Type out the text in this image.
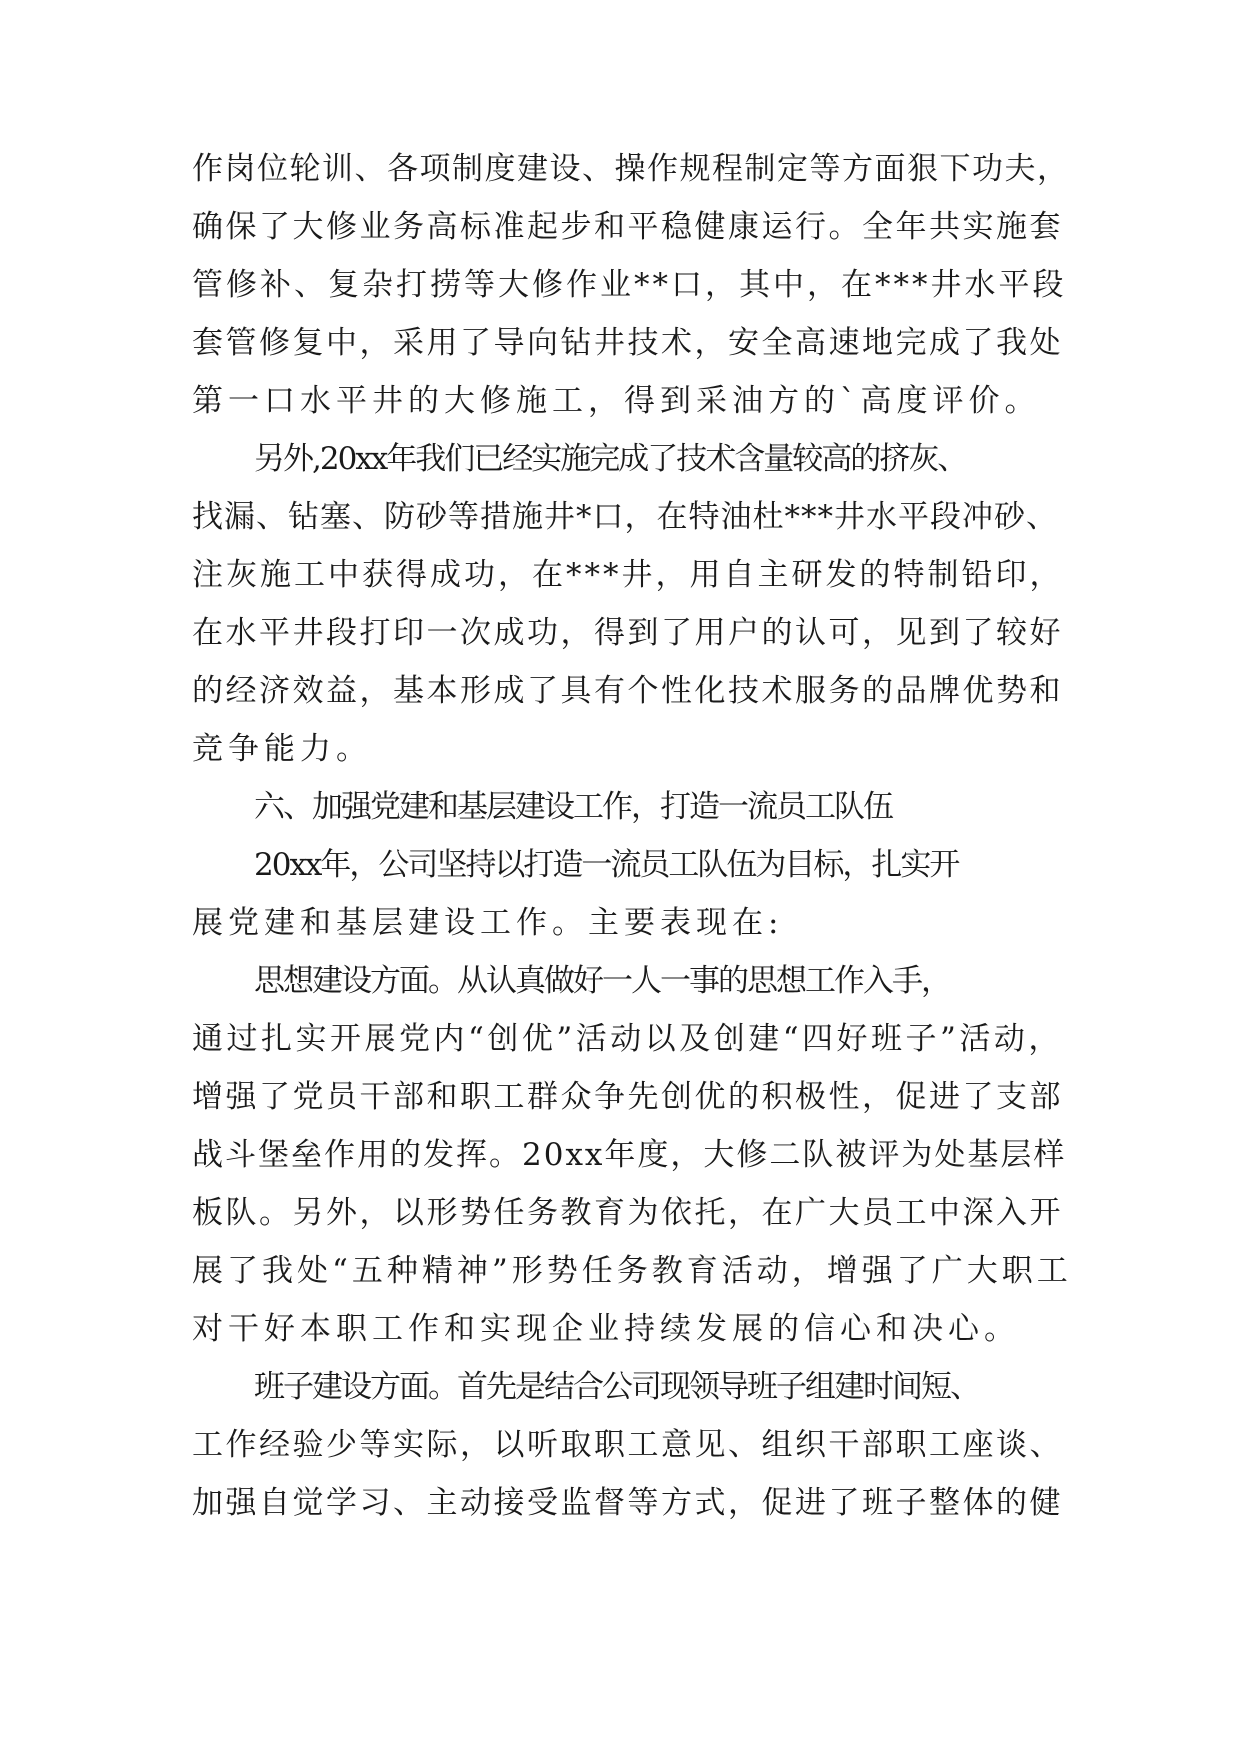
作岗位轮训、各项制度建设、操作规程制定等方面狠下功夫，
确保了大修业务高标准起步和平稳健康运行。全年共实施套
管修补、复杂打捞等大修作业**口，其中，在***井水平段
套管修复中，采用了导向钻井技术，安全高速地完成了我处
第一口水平井的大修施工，得到采油方的`高度评价。
另外,20xx年我们已经实施完成了技术含量较高的挤灰、
找漏、钻塞、防砂等措施井*口，在特油杜***井水平段冲砂、
注灰施工中获得成功，在***井，用自主研发的特制铅印，
在水平井段打印一次成功，得到了用户的认可，见到了较好
的经济效益，基本形成了具有个性化技术服务的品牌优势和
竞争能力。
六、加强党建和基层建设工作，打造一流员工队伍
20xx年，公司坚持以打造一流员工队伍为目标，扎实开
展党建和基层建设工作。主要表现在:
思想建设方面。从认真做好一人一事的思想工作入手，
通过扎实开展党内“创优”活动以及创建“四好班子”活动，
增强了党员干部和职工群众争先创优的积极性，促进了支部
战斗堡垒作用的发挥。20xx年度，大修二队被评为处基层样
板队。另外，以形势任务教育为依托，在广大员工中深入开
展了我处“五种精神”形势任务教育活动，增强了广大职工
对干好本职工作和实现企业持续发展的信心和决心。
班子建设方面。首先是结合公司现领导班子组建时间短、
工作经验少等实际，以听取职工意见、组织干部职工座谈、
加强自觉学习、主动接受监督等方式，促进了班子整体的健
